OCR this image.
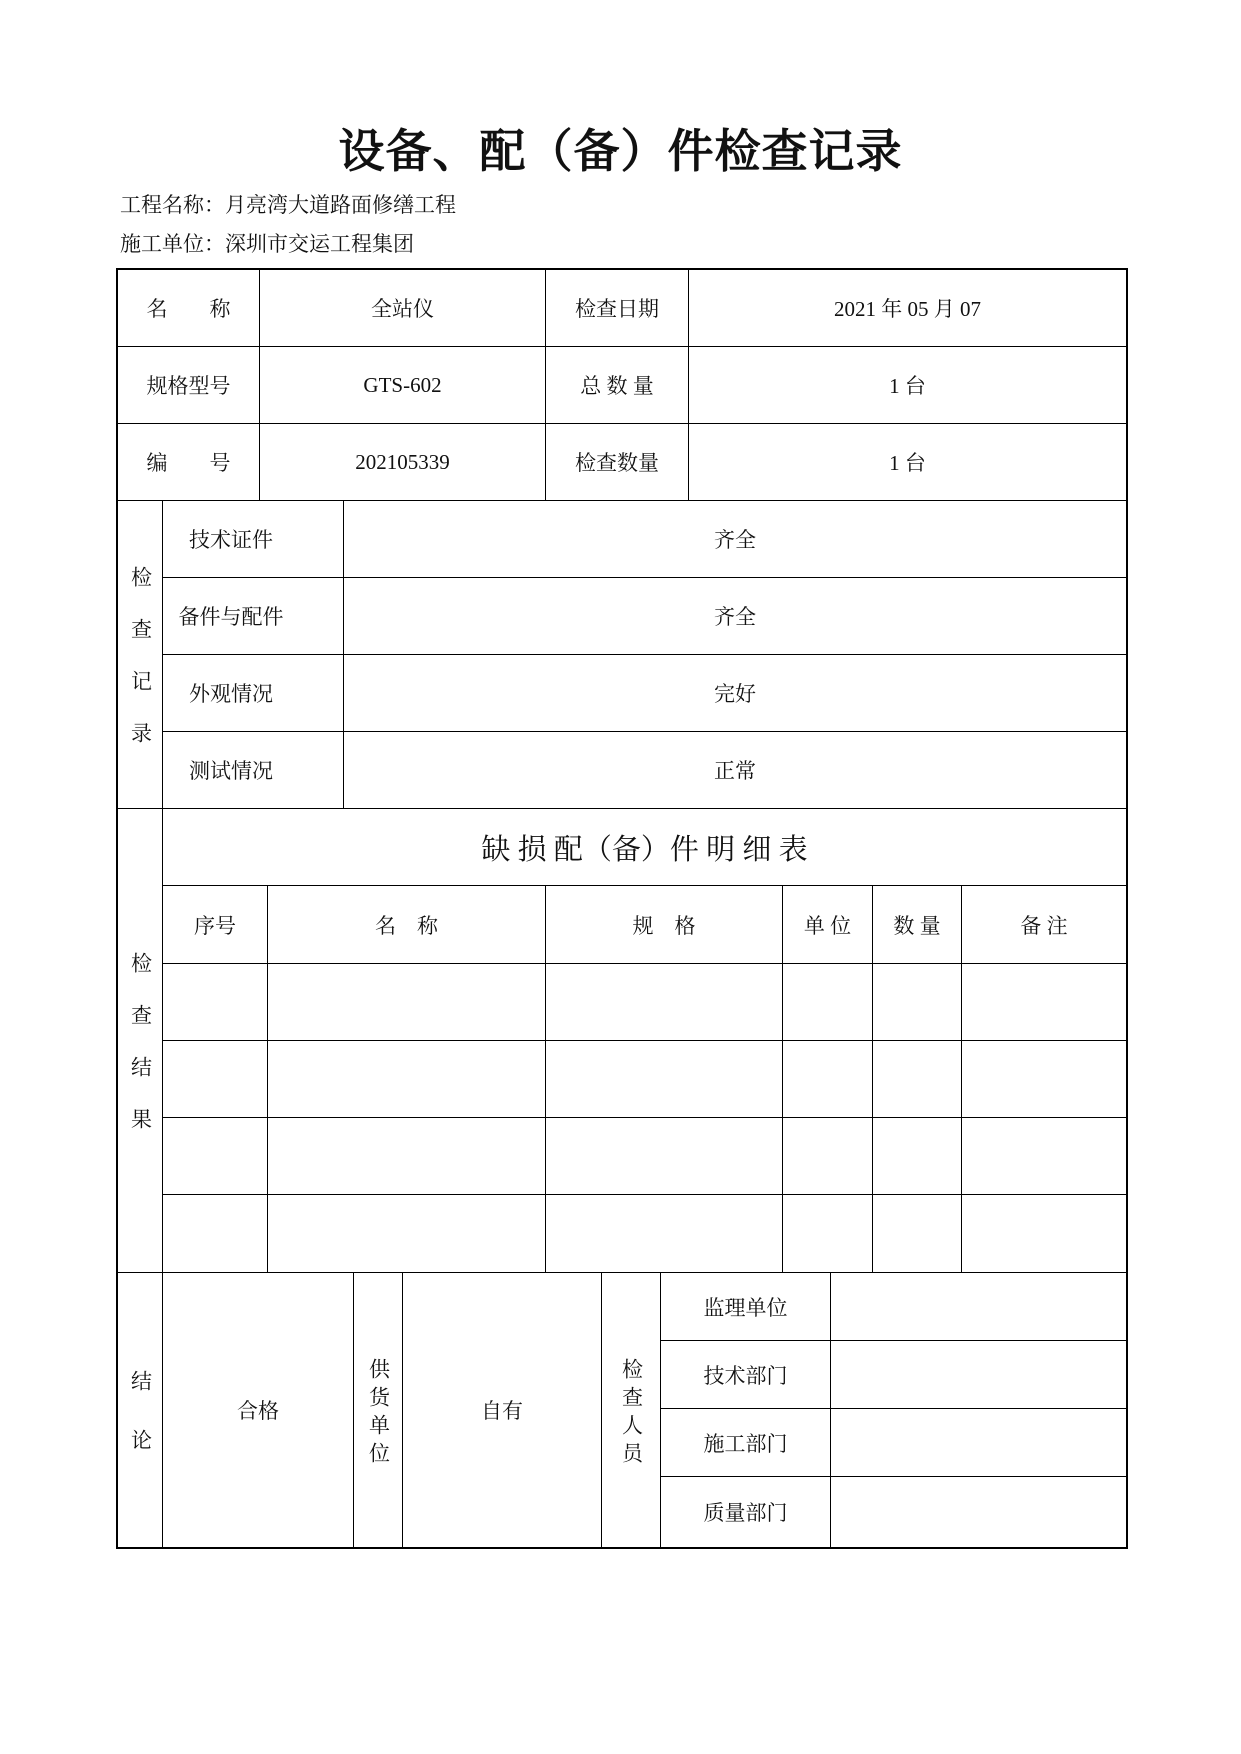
设备、配（备）件检查记录
工程名称：月亮湾大道路面修缮工程
施工单位：深圳市交运工程集团
名　　称	全站仪	检查日期	2021 年 05 月 07
规格型号	GTS-602	总 数 量	1 台
编　　号	202105339	检查数量	1 台
检查记录
技术证件	齐全
备件与配件	齐全
外观情况	完好
测试情况	正常
检查结果
缺 损 配（备）件 明 细 表
序号	名　称	规　格	单 位	数 量	备 注
结论	合格	供货单位	自有	检查人员
监理单位
技术部门
施工部门
质量部门
